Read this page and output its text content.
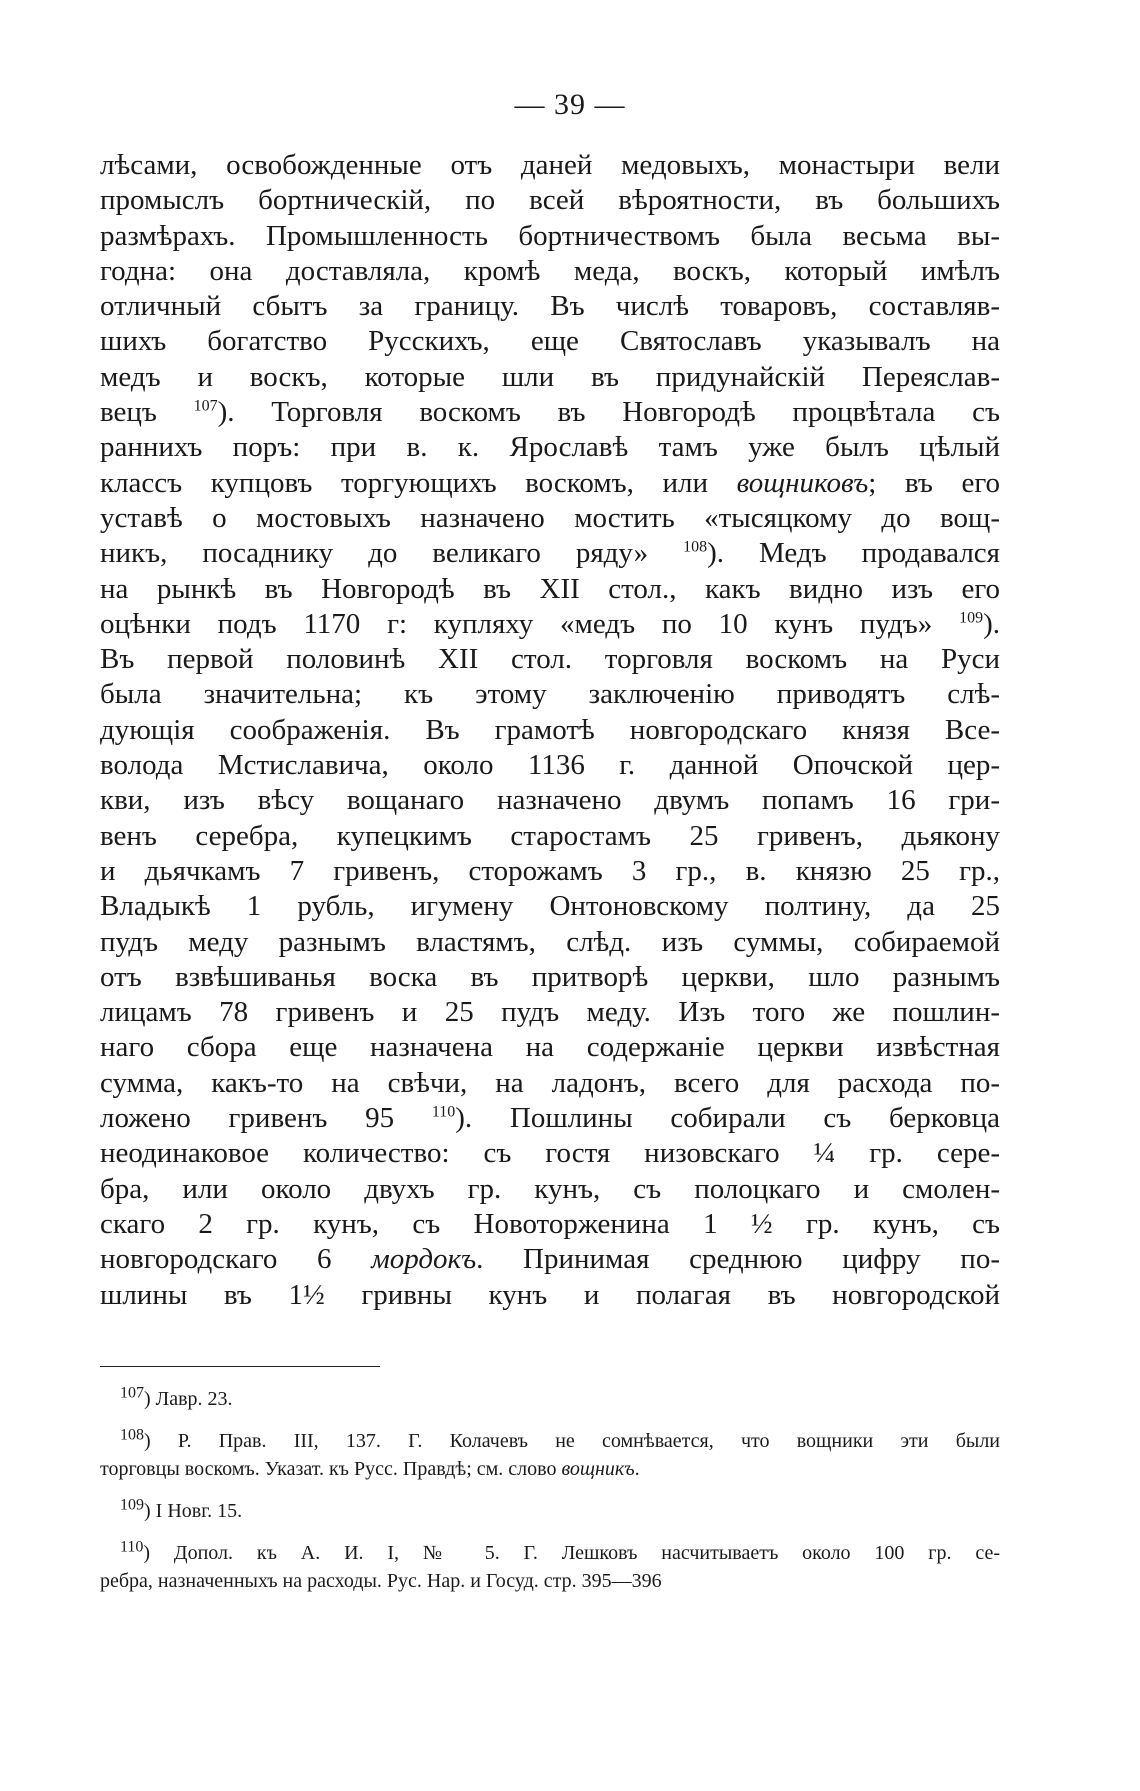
— 39 —
лѣсами, освобожденные отъ даней медовыхъ, монастыри вели
промыслъ бортническій, по всей вѣроятности, въ большихъ
размѣрахъ. Промышленность бортничествомъ была весьма вы-
годна: она доставляла, кромѣ меда, воскъ, который имѣлъ
отличный сбытъ за границу. Въ числѣ товаровъ, составляв-
шихъ богатство Русскихъ, еще Святославъ указывалъ на
медъ и воскъ, которые шли въ придунайскій Переяслав-
вецъ $^{107}$). Торговля воскомъ въ Новгородѣ процвѣтала съ
раннихъ поръ: при в. к. Ярославѣ тамъ уже былъ цѣлый
классъ купцовъ торгующихъ воскомъ, или вощниковъ; въ его
уставѣ о мостовыхъ назначено мостить «тысяцкому до вощ-
никъ, посаднику до великаго ряду» $^{108}$). Медъ продавался
на рынкѣ въ Новгородѣ въ XII стол., какъ видно изъ его
оцѣнки подъ 1170 г: купляху «медъ по 10 кунъ пудъ» $^{109}$).
Въ первой половинѣ XII стол. торговля воскомъ на Руси
была значительна; къ этому заключенію приводятъ слѣ-
дующія соображенія. Въ грамотѣ новгородскаго князя Все-
волода Мстиславича, около 1136 г. данной Опочской цер-
кви, изъ вѣсу вощанаго назначено двумъ попамъ 16 гри-
венъ серебра, купецкимъ старостамъ 25 гривенъ, дьякону
и дьячкамъ 7 гривенъ, сторожамъ 3 гр., в. князю 25 гр.,
Владыкѣ 1 рубль, игумену Онтоновскому полтину, да 25
пудъ меду разнымъ властямъ, слѣд. изъ суммы, собираемой
отъ взвѣшиванья воска въ притворѣ церкви, шло разнымъ
лицамъ 78 гривенъ и 25 пудъ меду. Изъ того же пошлин-
наго сбора еще назначена на содержаніе церкви извѣстная
сумма, какъ-то на свѣчи, на ладонъ, всего для расхода по-
ложено гривенъ 95 $^{110}$). Пошлины собирали съ берковца
неодинаковое количество: съ гостя низовскаго ¼ гр. сере-
бра, или около двухъ гр. кунъ, съ полоцкаго и смолен-
скаго 2 гр. кунъ, съ Новоторженина 1 ½ гр. кунъ, съ
новгородскаго 6 мордокъ. Принимая среднюю цифру по-
шлины въ 1½ гривны кунъ и полагая въ новгородской
$^{107}$) Лавр. 23.
$^{108}$) Р. Прав. III, 137. Г. Колачевъ не сомнѣвается, что вощники эти были
торговцы воскомъ. Указат. къ Русс. Правдѣ; см. слово вощникъ.
$^{109}$) I Новг. 15.
$^{110}$) Допол. къ А. И. I, № 5. Г. Лешковъ насчитываетъ около 100 гр. се-
ребра, назначенныхъ на расходы. Рус. Нар. и Госуд. стр. 395—396
